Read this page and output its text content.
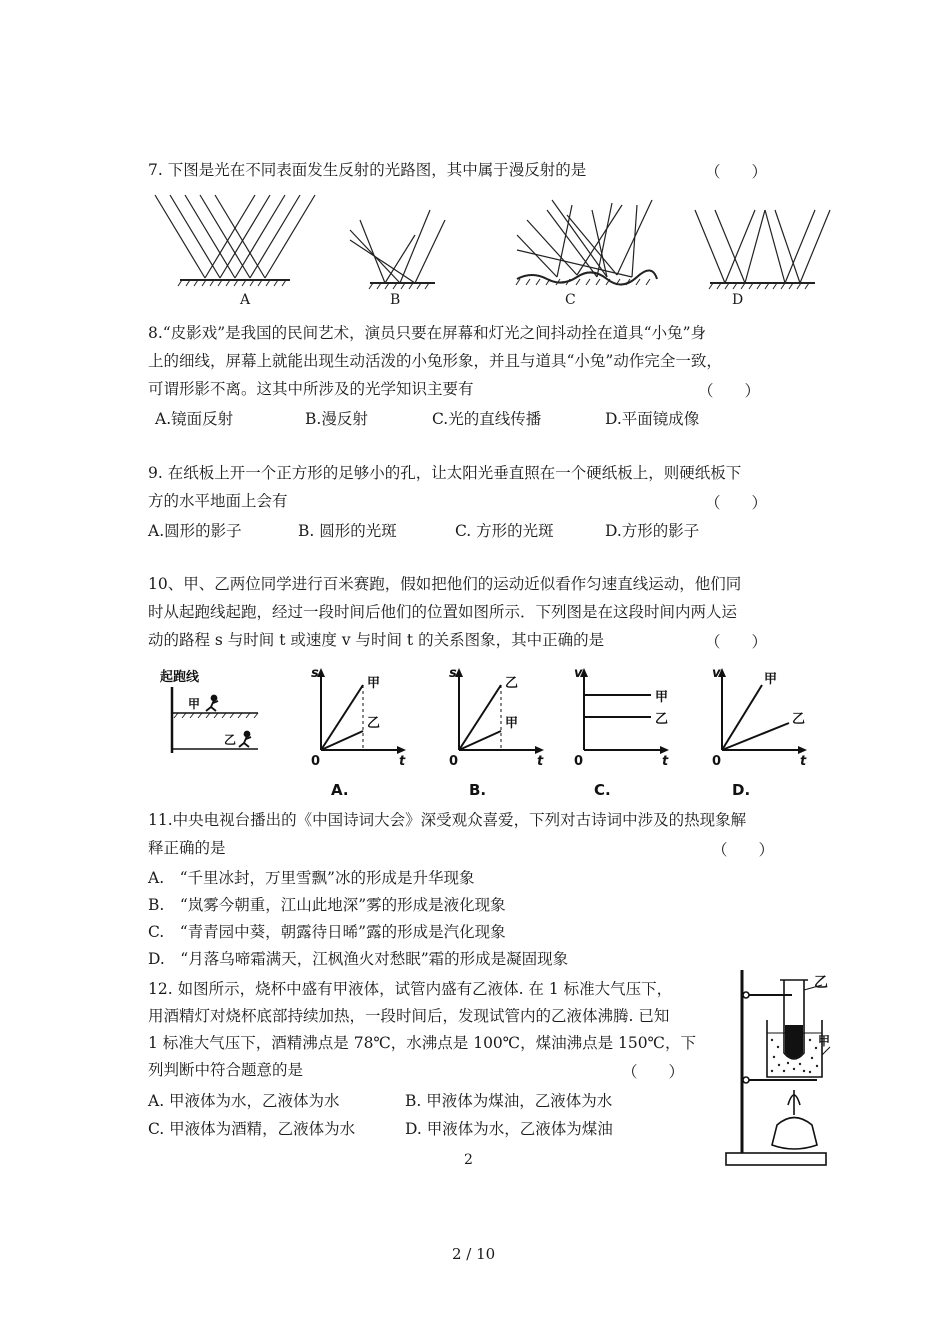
7. 下图是光在不同表面发生反射的光路图，其中属于漫反射的是	（　　）
A	B	C	D
8.“皮影戏”是我国的民间艺术，演员只要在屏幕和灯光之间抖动拴在道具“小兔”身
上的细线，屏幕上就能出现生动活泼的小兔形象，并且与道具“小兔”动作完全一致，
可谓形影不离。这其中所涉及的光学知识主要有	（　　）
A.镜面反射	B.漫反射	C.光的直线传播	D.平面镜成像
9. 在纸板上开一个正方形的足够小的孔，让太阳光垂直照在一个硬纸板上，则硬纸板下
方的水平地面上会有	（　　）
A.圆形的影子	B. 圆形的光斑	C. 方形的光斑	D.方形的影子
10、甲、乙两位同学进行百米赛跑，假如把他们的运动近似看作匀速直线运动，他们同
时从起跑线起跑，经过一段时间后他们的位置如图所示．下列图是在这段时间内两人运
动的路程 s 与时间 t 或速度 v 与时间 t 的关系图象，其中正确的是	（　　）
起跑线
甲
乙
s
t
0
甲
乙
A.
s
t
0
乙
甲
B.
v
t
0
甲
乙
C.
v
t
0
甲
乙
D.
11.中央电视台播出的《中国诗词大会》深受观众喜爱，下列对古诗词中涉及的热现象解
释正确的是	（　　）
A.　“千里冰封，万里雪飘”冰的形成是升华现象
B.　“岚雾今朝重，江山此地深”雾的形成是液化现象
C.　“青青园中葵，朝露待日晞”露的形成是汽化现象
D.　“月落乌啼霜满天，江枫渔火对愁眠”霜的形成是凝固现象
12. 如图所示，烧杯中盛有甲液体，试管内盛有乙液体. 在 1 标准大气压下，
用酒精灯对烧杯底部持续加热，一段时间后，发现试管内的乙液体沸腾. 已知
1 标准大气压下，酒精沸点是 78℃，水沸点是 100℃，煤油沸点是 150℃，下
列判断中符合题意的是	（　　）
A. 甲液体为水，乙液体为水	B. 甲液体为煤油，乙液体为水
C. 甲液体为酒精，乙液体为水	D. 甲液体为水，乙液体为煤油
乙
甲
2
2 / 10
